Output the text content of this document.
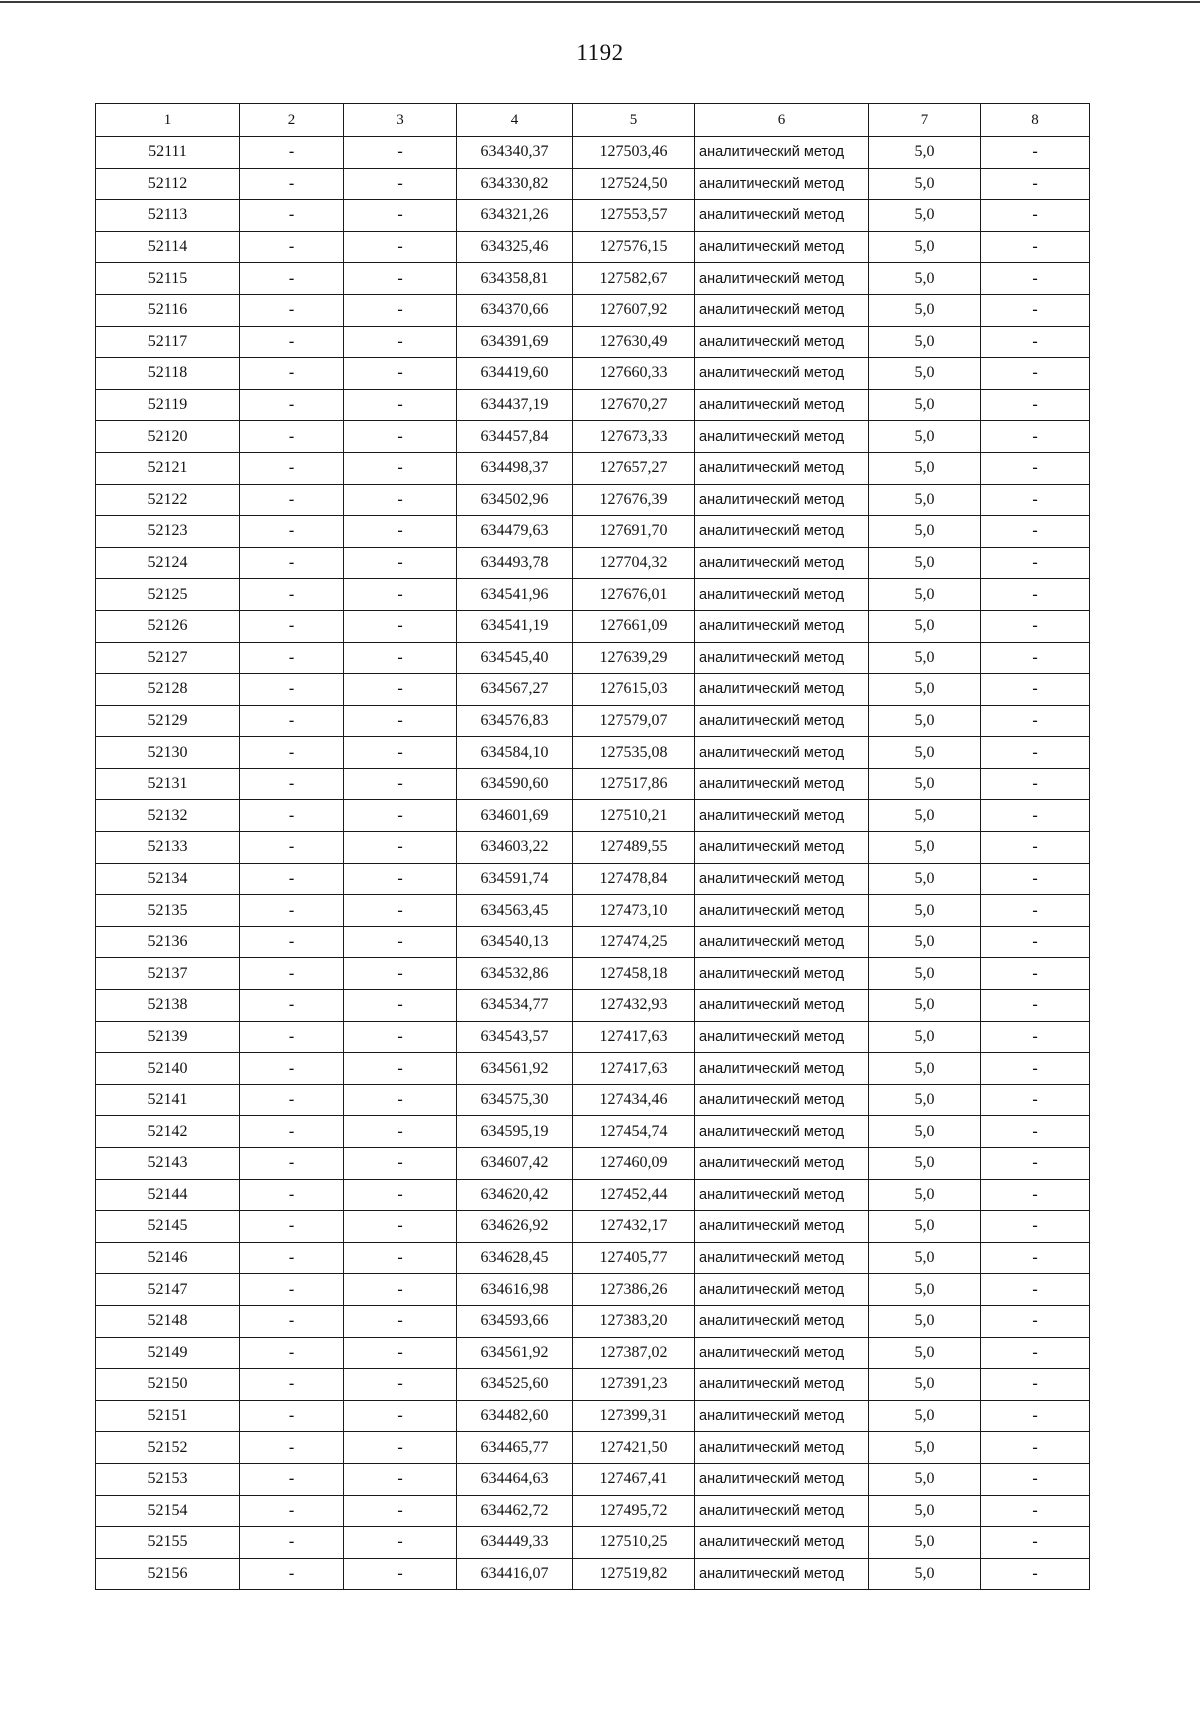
1192
1	2	3	4	5	6	7	8
52111	-	-	634340,37	127503,46	аналитический метод	5,0	-
52112	-	-	634330,82	127524,50	аналитический метод	5,0	-
52113	-	-	634321,26	127553,57	аналитический метод	5,0	-
52114	-	-	634325,46	127576,15	аналитический метод	5,0	-
52115	-	-	634358,81	127582,67	аналитический метод	5,0	-
52116	-	-	634370,66	127607,92	аналитический метод	5,0	-
52117	-	-	634391,69	127630,49	аналитический метод	5,0	-
52118	-	-	634419,60	127660,33	аналитический метод	5,0	-
52119	-	-	634437,19	127670,27	аналитический метод	5,0	-
52120	-	-	634457,84	127673,33	аналитический метод	5,0	-
52121	-	-	634498,37	127657,27	аналитический метод	5,0	-
52122	-	-	634502,96	127676,39	аналитический метод	5,0	-
52123	-	-	634479,63	127691,70	аналитический метод	5,0	-
52124	-	-	634493,78	127704,32	аналитический метод	5,0	-
52125	-	-	634541,96	127676,01	аналитический метод	5,0	-
52126	-	-	634541,19	127661,09	аналитический метод	5,0	-
52127	-	-	634545,40	127639,29	аналитический метод	5,0	-
52128	-	-	634567,27	127615,03	аналитический метод	5,0	-
52129	-	-	634576,83	127579,07	аналитический метод	5,0	-
52130	-	-	634584,10	127535,08	аналитический метод	5,0	-
52131	-	-	634590,60	127517,86	аналитический метод	5,0	-
52132	-	-	634601,69	127510,21	аналитический метод	5,0	-
52133	-	-	634603,22	127489,55	аналитический метод	5,0	-
52134	-	-	634591,74	127478,84	аналитический метод	5,0	-
52135	-	-	634563,45	127473,10	аналитический метод	5,0	-
52136	-	-	634540,13	127474,25	аналитический метод	5,0	-
52137	-	-	634532,86	127458,18	аналитический метод	5,0	-
52138	-	-	634534,77	127432,93	аналитический метод	5,0	-
52139	-	-	634543,57	127417,63	аналитический метод	5,0	-
52140	-	-	634561,92	127417,63	аналитический метод	5,0	-
52141	-	-	634575,30	127434,46	аналитический метод	5,0	-
52142	-	-	634595,19	127454,74	аналитический метод	5,0	-
52143	-	-	634607,42	127460,09	аналитический метод	5,0	-
52144	-	-	634620,42	127452,44	аналитический метод	5,0	-
52145	-	-	634626,92	127432,17	аналитический метод	5,0	-
52146	-	-	634628,45	127405,77	аналитический метод	5,0	-
52147	-	-	634616,98	127386,26	аналитический метод	5,0	-
52148	-	-	634593,66	127383,20	аналитический метод	5,0	-
52149	-	-	634561,92	127387,02	аналитический метод	5,0	-
52150	-	-	634525,60	127391,23	аналитический метод	5,0	-
52151	-	-	634482,60	127399,31	аналитический метод	5,0	-
52152	-	-	634465,77	127421,50	аналитический метод	5,0	-
52153	-	-	634464,63	127467,41	аналитический метод	5,0	-
52154	-	-	634462,72	127495,72	аналитический метод	5,0	-
52155	-	-	634449,33	127510,25	аналитический метод	5,0	-
52156	-	-	634416,07	127519,82	аналитический метод	5,0	-
